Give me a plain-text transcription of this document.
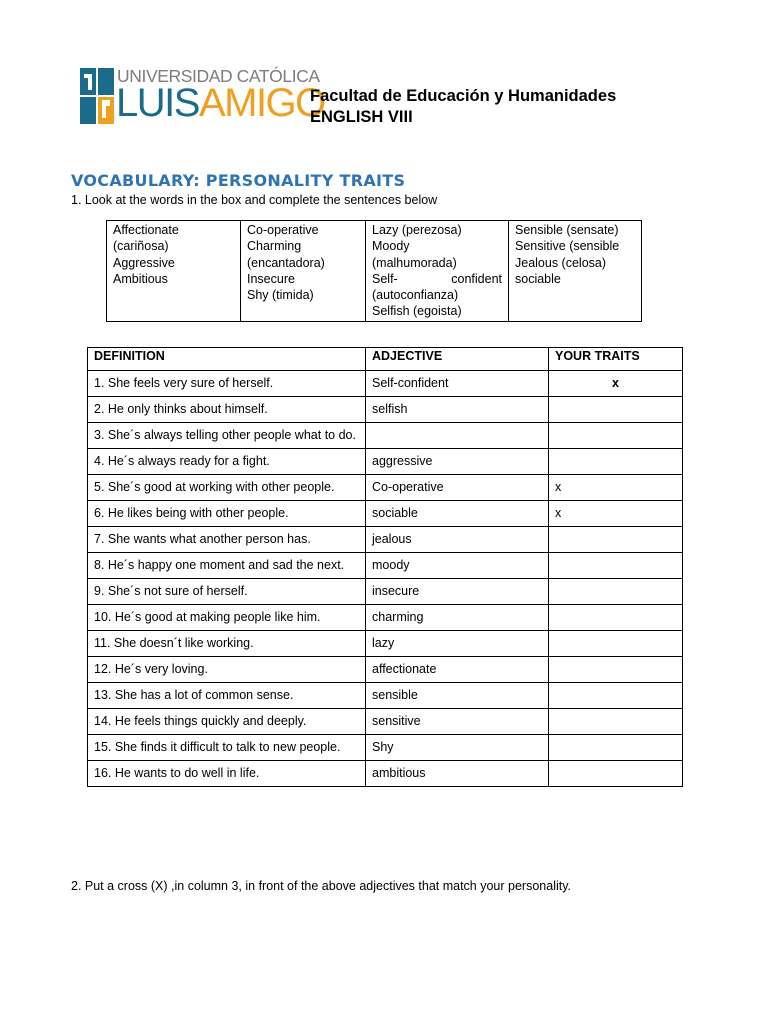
UNIVERSIDAD CATÓLICA
LUISAMIGO
Facultad de Educación y Humanidades
ENGLISH VIII
VOCABULARY: PERSONALITY TRAITS
1. Look at the words in the box and complete the sentences below
Affectionate
(cariñosa)
Aggressive
Ambitious

Co-operative
Charming
(encantadora)
Insecure
Shy (timida)

Lazy (perezosa)
Moody
(malhumorada)
Self-	confident
(autoconfianza)
Selfish (egoista)

Sensible (sensate)
Sensitive (sensible
Jealous (celosa)
sociable
DEFINITION	ADJECTIVE	YOUR TRAITS
1. She feels very sure of herself.	Self-confident	x
2. He only thinks about himself.	selfish	
3. She´s always telling other people what to do.		
4. He´s always ready for a fight.	aggressive	
5. She´s good at working with other people.	Co-operative	x
6. He likes being with other people.	sociable	x
7. She wants what another person has.	jealous	
8. He´s happy one moment and sad the next.	moody	
9. She´s not sure of herself.	insecure	
10. He´s good at making people like him.	charming	
11. She doesn´t like working.	lazy	
12. He´s very loving.	affectionate	
13. She has a lot of common sense.	sensible	
14. He feels things quickly and deeply.	sensitive	
15. She finds it difficult to talk to new people.	Shy	
16. He wants to do well in life.	ambitious	
2. Put a cross (X) ,in column 3, in front of the above adjectives that match your personality.
